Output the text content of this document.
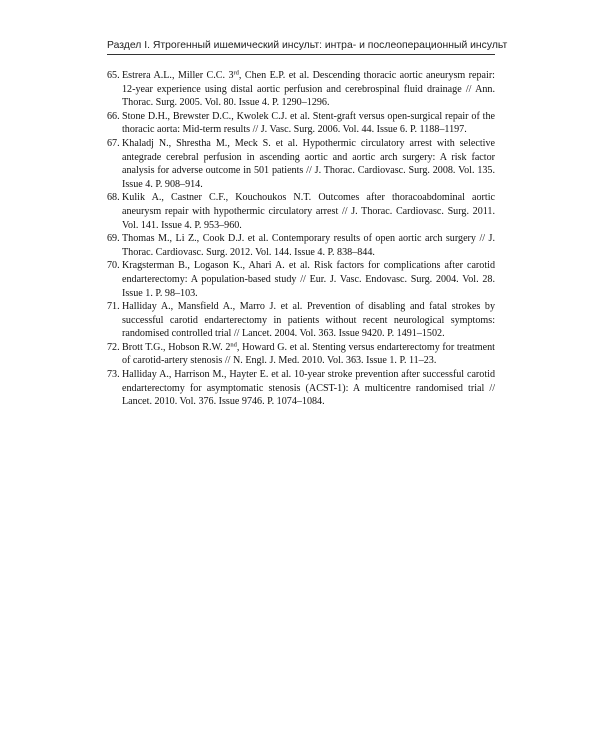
Раздел I. Ятрогенный ишемический инсульт: интра- и послеоперационный инсульт
65. Estrera A.L., Miller C.C. 3rd, Chen E.P. et al. Descending thoracic aortic aneurysm repair: 12-year experience using distal aortic perfusion and cerebrospinal fluid drainage // Ann. Thorac. Surg. 2005. Vol. 80. Issue 4. P. 1290–1296.
66. Stone D.H., Brewster D.C., Kwolek C.J. et al. Stent-graft versus open-surgical repair of the thoracic aorta: Mid-term results // J. Vasc. Surg. 2006. Vol. 44. Issue 6. P. 1188–1197.
67. Khaladj N., Shrestha M., Meck S. et al. Hypothermic circulatory arrest with selective antegrade cerebral perfusion in ascending aortic and aortic arch surgery: A risk factor analysis for adverse outcome in 501 patients // J. Thorac. Cardiovasc. Surg. 2008. Vol. 135. Issue 4. P. 908–914.
68. Kulik A., Castner C.F., Kouchoukos N.T. Outcomes after thoracoabdominal aortic aneurysm repair with hypothermic circulatory arrest // J. Thorac. Cardiovasc. Surg. 2011. Vol. 141. Issue 4. P. 953–960.
69. Thomas M., Li Z., Cook D.J. et al. Contemporary results of open aortic arch surgery // J. Thorac. Cardiovasc. Surg. 2012. Vol. 144. Issue 4. P. 838–844.
70. Kragsterman B., Logason K., Ahari A. et al. Risk factors for complications after carotid endarterectomy: A population-based study // Eur. J. Vasc. Endovasc. Surg. 2004. Vol. 28. Issue 1. P. 98–103.
71. Halliday A., Mansfield A., Marro J. et al. Prevention of disabling and fatal strokes by successful carotid endarterectomy in patients without recent neurological symptoms: randomised controlled trial // Lancet. 2004. Vol. 363. Issue 9420. P. 1491–1502.
72. Brott T.G., Hobson R.W. 2nd, Howard G. et al. Stenting versus endarterectomy for treatment of carotid-artery stenosis // N. Engl. J. Med. 2010. Vol. 363. Issue 1. P. 11–23.
73. Halliday A., Harrison M., Hayter E. et al. 10-year stroke prevention after successful carotid endarterectomy for asymptomatic stenosis (ACST-1): A multicentre randomised trial // Lancet. 2010. Vol. 376. Issue 9746. P. 1074–1084.
